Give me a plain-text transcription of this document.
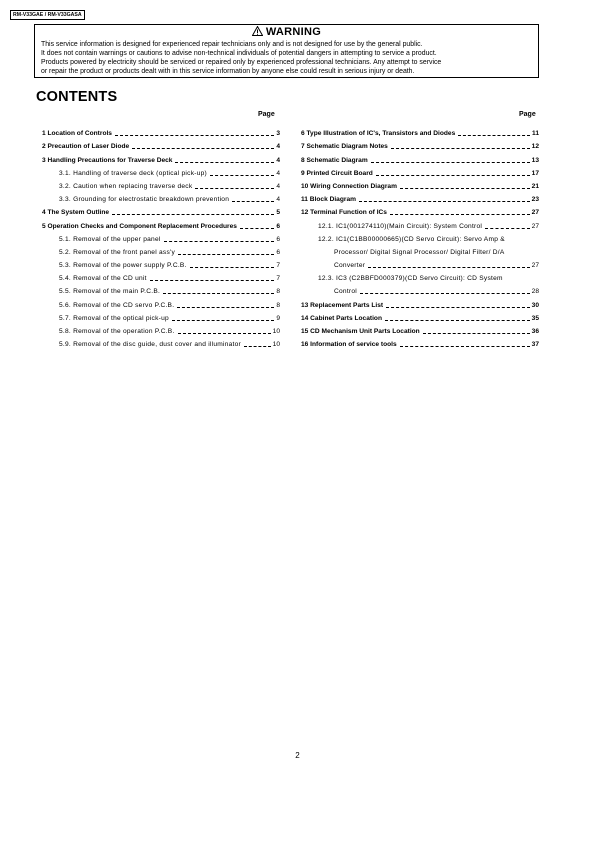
RM-V33GAE / RM-V33GASA
WARNING
This service information is designed for experienced repair technicians only and is not designed for use by the general public.
It does not contain warnings or cautions to advise non-technical individuals of potential dangers in attempting to service a product.
Products powered by electricity should be serviced or repaired only by experienced professional technicians. Any attempt to service
or repair the product or products dealt with in this service information by anyone else could result in serious injury or death.
CONTENTS
Page	Page
1 Location of Controls	3
2 Precaution of Laser Diode	4
3 Handling Precautions for Traverse Deck	4
3.1. Handling of traverse deck (optical pick-up)	4
3.2. Caution when replacing traverse deck	4
3.3. Grounding for electrostatic breakdown prevention	4
4 The System Outline	5
5 Operation Checks and Component Replacement Procedures	6
5.1. Removal of the upper panel	6
5.2. Removal of the front panel ass'y	6
5.3. Removal of the power supply P.C.B.	7
5.4. Removal of the CD unit	7
5.5. Removal of the main P.C.B.	8
5.6. Removal of the CD servo P.C.B.	8
5.7. Removal of the optical pick-up	9
5.8. Removal of the operation P.C.B.	10
5.9. Removal of the disc guide, dust cover and illuminator	10
6 Type Illustration of IC's, Transistors and Diodes	11
7 Schematic Diagram Notes	12
8 Schematic Diagram	13
9 Printed Circuit Board	17
10 Wiring Connection Diagram	21
11 Block Diagram	23
12 Terminal Function of ICs	27
12.1. IC1(001274110)(Main Circuit): System Control	27
12.2. IC1(C1BB00000665)(CD Servo Circuit): Servo Amp &
Processor/ Digital Signal Processor/ Digital Filter/ D/A
Converter	27
12.3. IC3 (C2BBFD000379)(CD Servo Circuit): CD System
Control	28
13 Replacement Parts List	30
14 Cabinet Parts Location	35
15 CD Mechanism Unit Parts Location	36
16 Information of service tools	37
2
